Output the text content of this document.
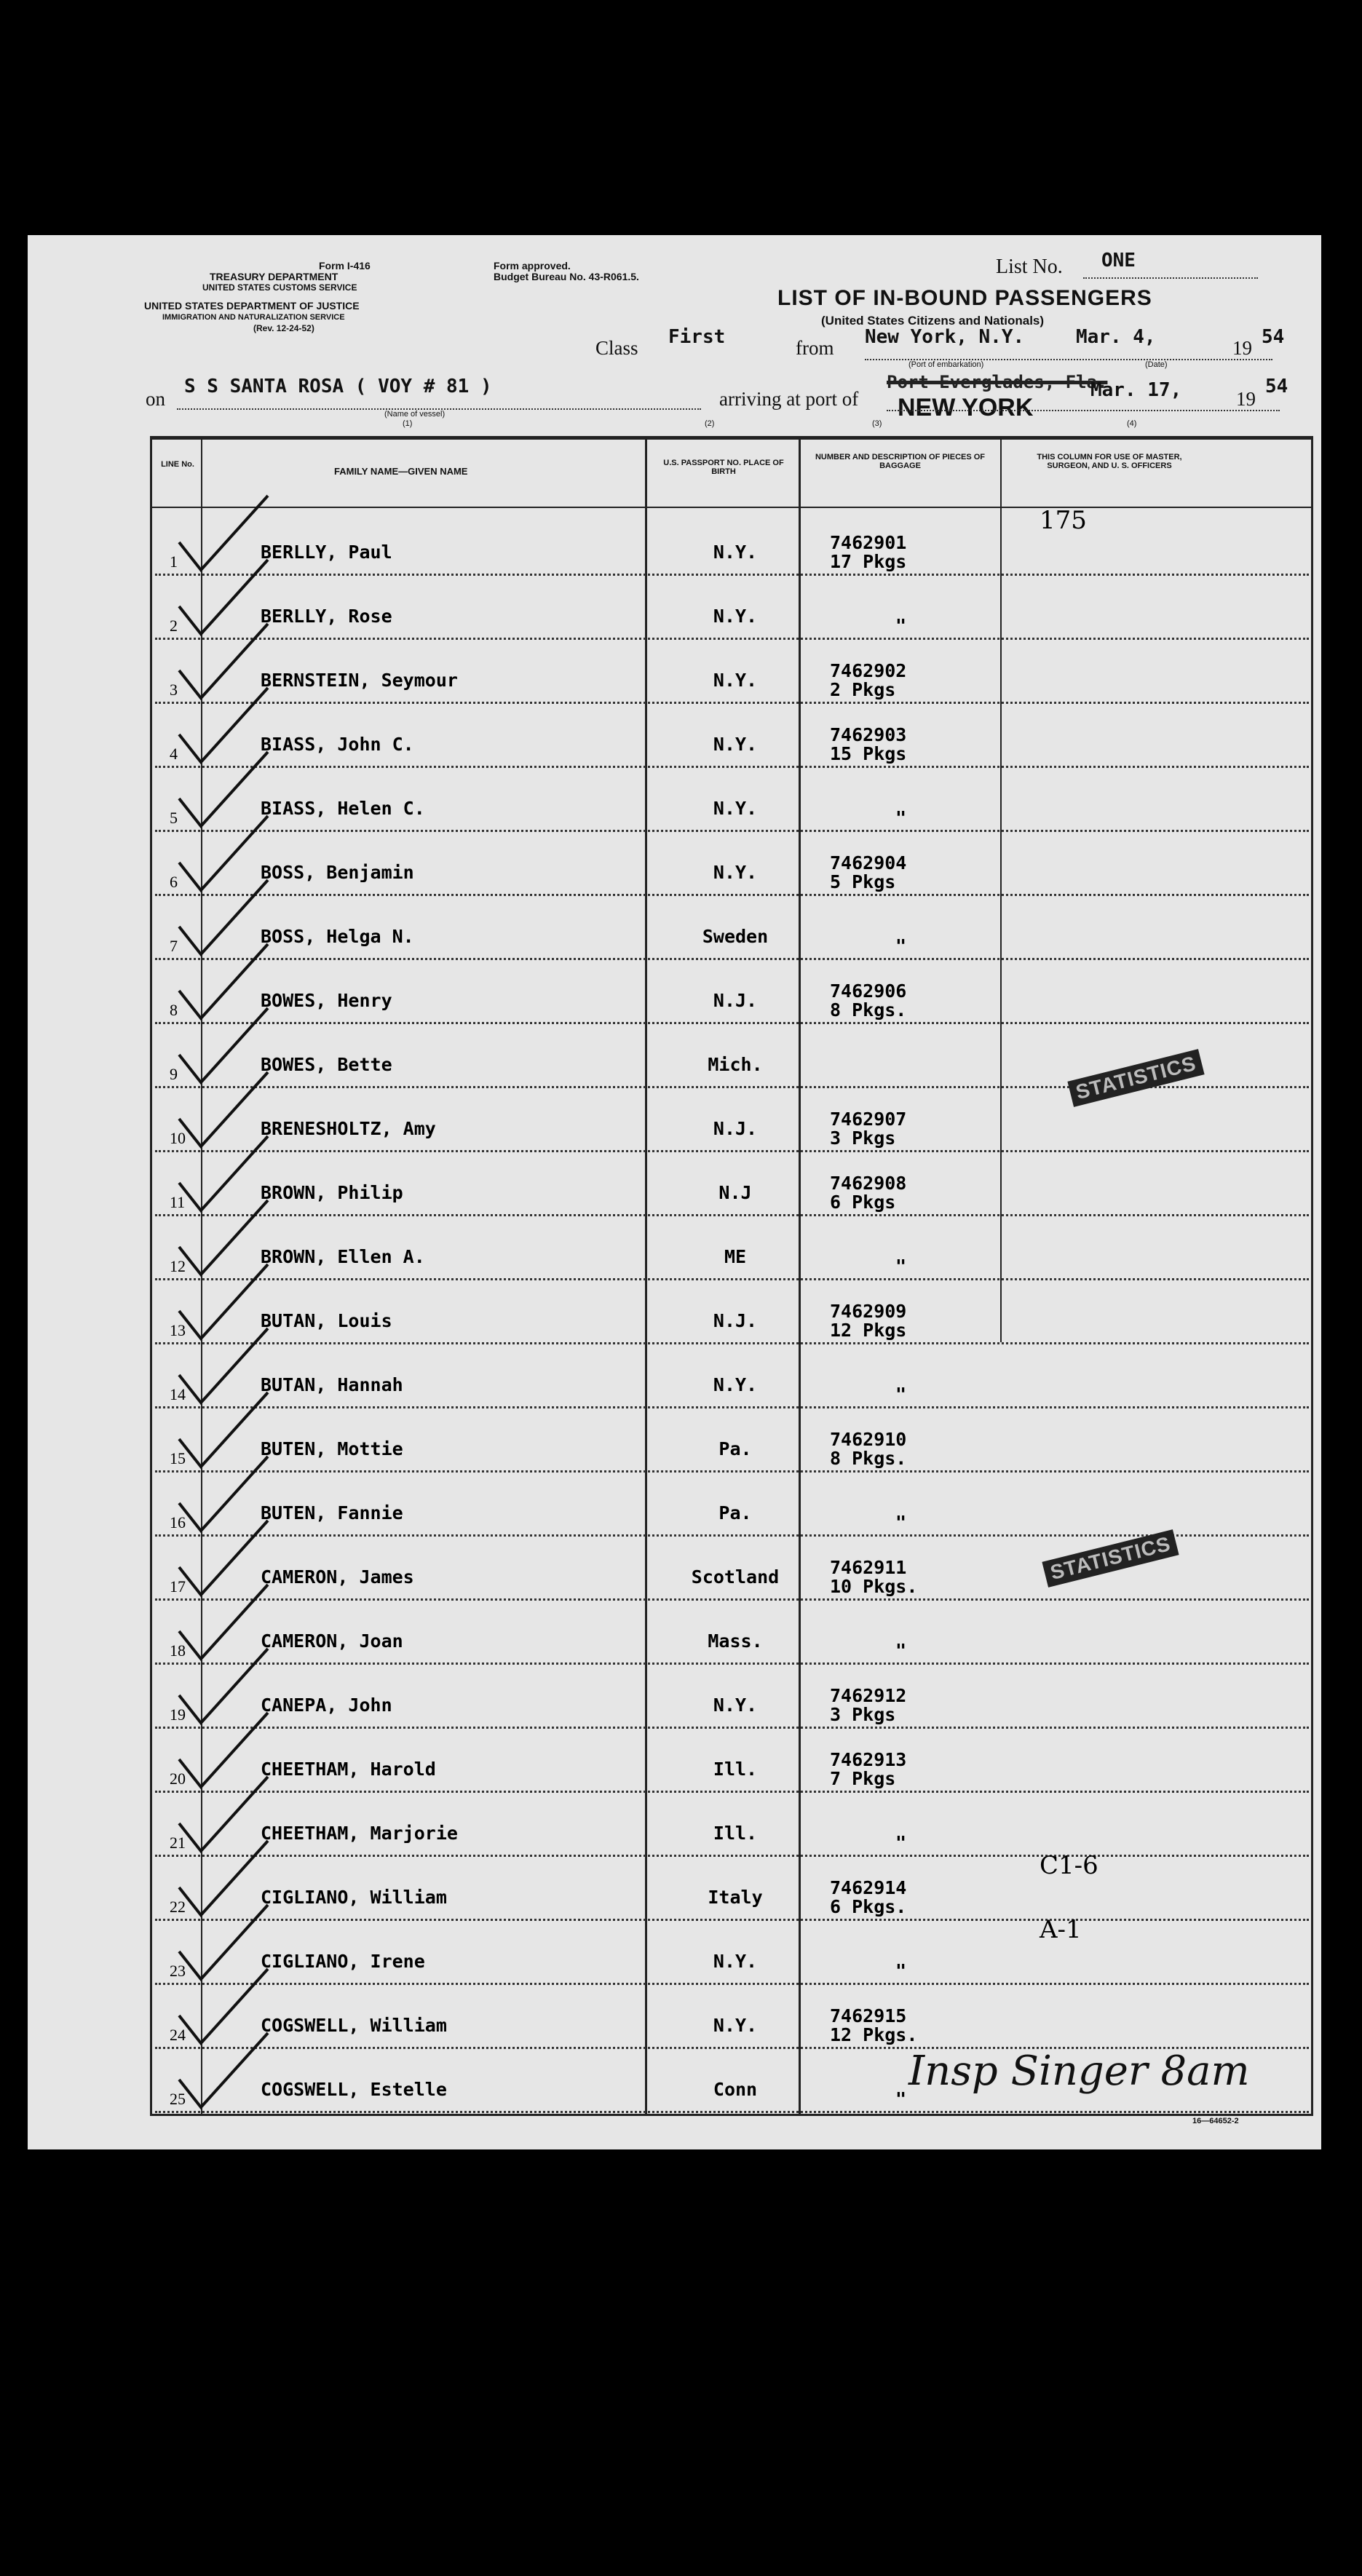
Form I-416
TREASURY DEPARTMENT
UNITED STATES CUSTOMS SERVICE
UNITED STATES DEPARTMENT OF JUSTICE
IMMIGRATION AND NATURALIZATION SERVICE
(Rev. 12-24-52)
Form approved.
Budget Bureau No. 43-R061.5.	List No. ONE
LIST OF IN-BOUND PASSENGERS
(United States Citizens and Nationals)
Class First	from New York, N.Y.	Mar. 4,	19 54
(Port of embarkation)	(Date)
on
S S SANTA ROSA ( VOY # 81 )
(Name of vessel)
(1)
arriving at port of
Port Everglades, Fla.
NEW YORK
Mar. 17,	19
54
(2)	(3)	(4)
LINE No.
FAMILY NAME—GIVEN NAME
U.S. PASSPORT NO. PLACE OF BIRTH
NUMBER AND DESCRIPTION OF PIECES OF BAGGAGE
THIS COLUMN FOR USE OF MASTER, SURGEON, AND U. S. OFFICERS
1	BERLLY, Paul	N.Y.	7462901
17 Pkgs
175
2	BERLLY, Rose	N.Y.	"
3	BERNSTEIN, Seymour	N.Y.	7462902
2 Pkgs
4	BIASS, John C.	N.Y.	7462903
15 Pkgs
5	BIASS, Helen C.	N.Y.	"
6	BOSS, Benjamin	N.Y.	7462904
5 Pkgs
7	BOSS, Helga N.	Sweden	"
8	BOWES, Henry	N.J.	7462906
8 Pkgs.
9	BOWES, Bette	Mich.
10	BRENESHOLTZ, Amy	N.J.	7462907
3 Pkgs
11	BROWN, Philip	N.J	7462908
6 Pkgs
12	BROWN, Ellen A.	ME	"
13	BUTAN, Louis	N.J.	7462909
12 Pkgs
14	BUTAN, Hannah	N.Y.	"
15	BUTEN, Mottie	Pa.	7462910
8 Pkgs.
16	BUTEN, Fannie	Pa.	"
17	CAMERON, James	Scotland	7462911
10 Pkgs.
18	CAMERON, Joan	Mass.	"
19	CANEPA, John	N.Y.	7462912
3 Pkgs
20	CHEETHAM, Harold	Ill.	7462913
7 Pkgs
21	CHEETHAM, Marjorie	Ill.	"
22	CIGLIANO, William	Italy	7462914
6 Pkgs.
C1-6
23	CIGLIANO, Irene	N.Y.	"
A-1
24	COGSWELL, William	N.Y.	7462915
12 Pkgs.
25	COGSWELL, Estelle	Conn	"
STATISTICS
STATISTICS
Insp Singer 8am
16—64652-2
